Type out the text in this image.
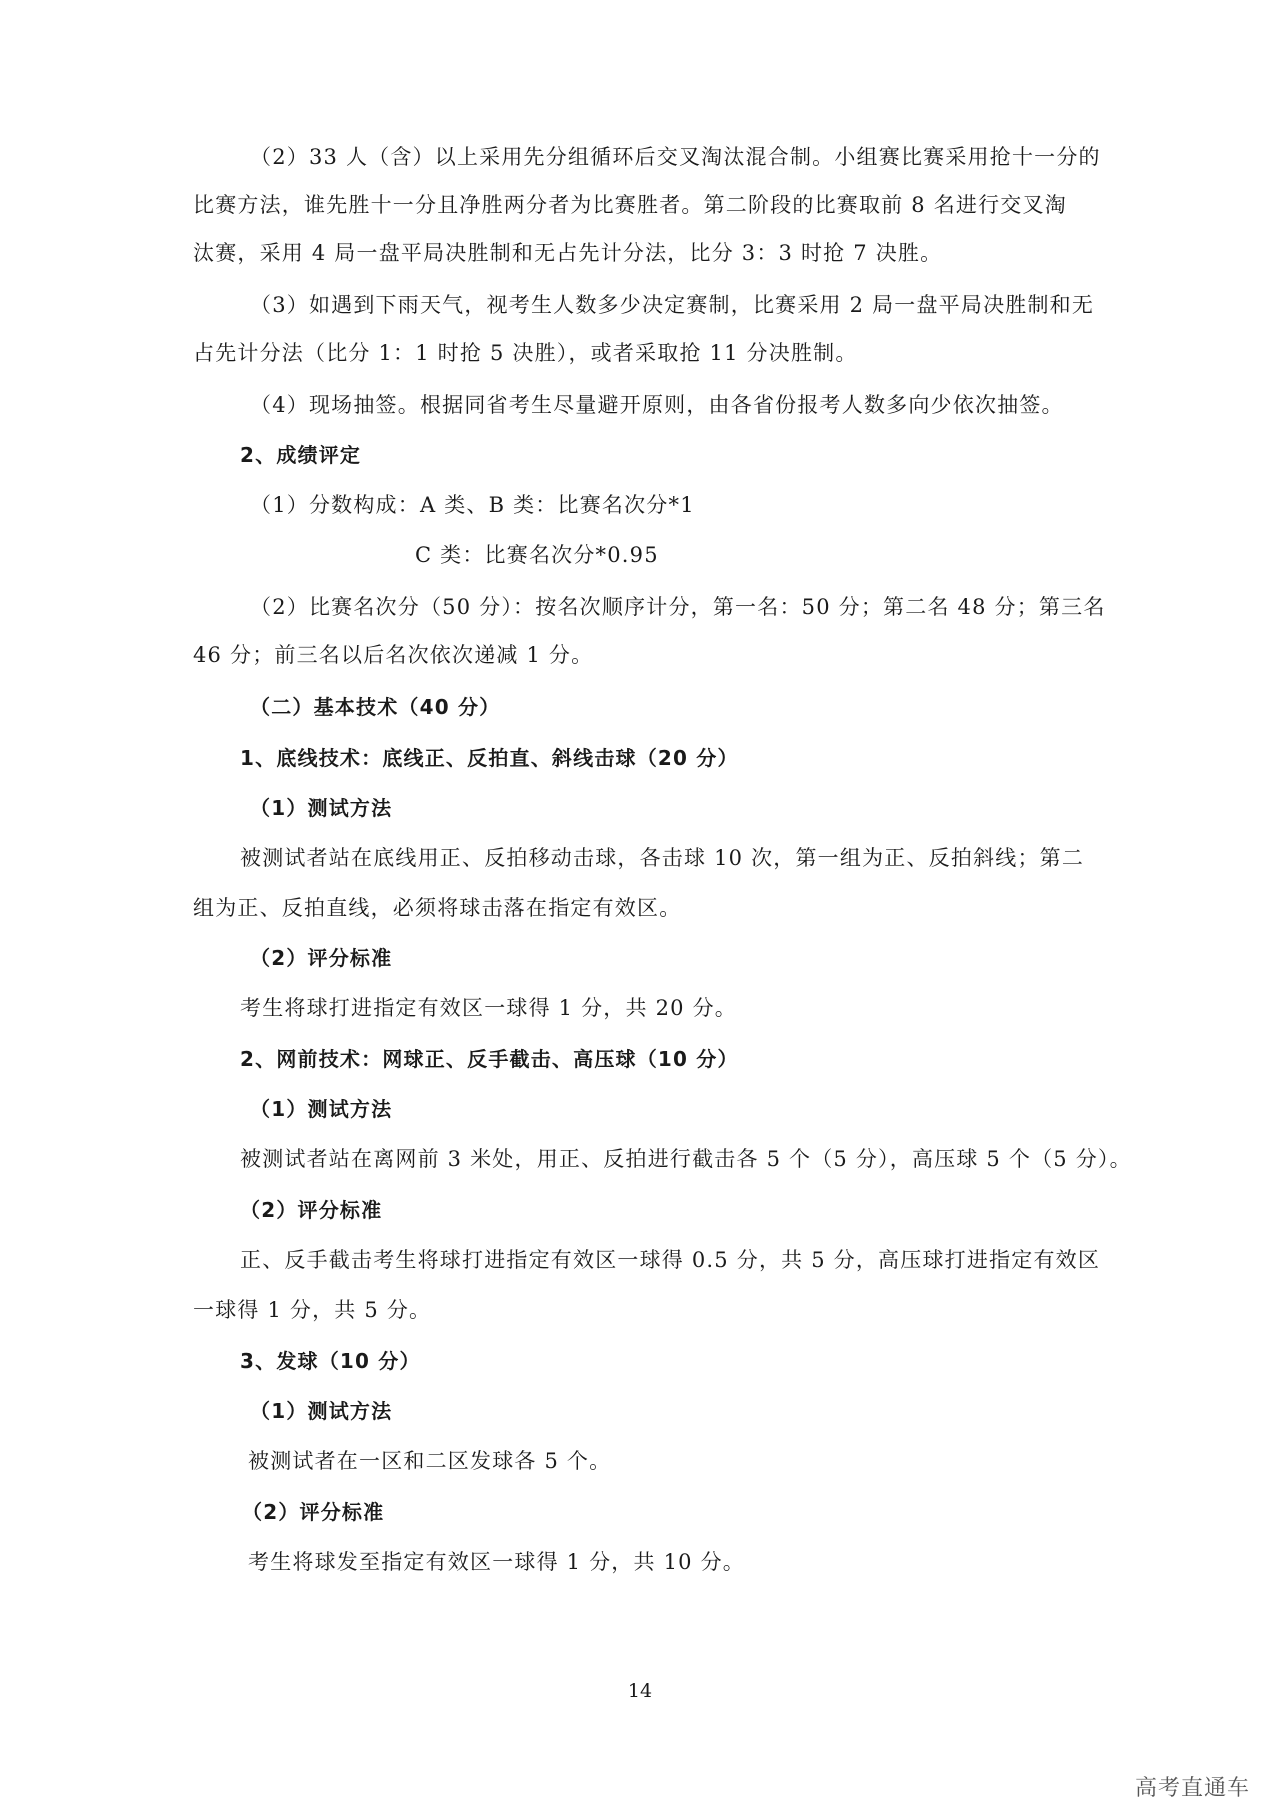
（2）33 人（含）以上采用先分组循环后交叉淘汰混合制。小组赛比赛采用抢十一分的
比赛方法，谁先胜十一分且净胜两分者为比赛胜者。第二阶段的比赛取前 8 名进行交叉淘
汰赛，采用 4 局一盘平局决胜制和无占先计分法，比分 3：3 时抢 7 决胜。
（3）如遇到下雨天气，视考生人数多少决定赛制，比赛采用 2 局一盘平局决胜制和无
占先计分法（比分 1：1 时抢 5 决胜），或者采取抢 11 分决胜制。
（4）现场抽签。根据同省考生尽量避开原则，由各省份报考人数多向少依次抽签。
2、成绩评定
（1）分数构成：A 类、B 类：比赛名次分*1
C 类：比赛名次分*0.95
（2）比赛名次分（50 分）：按名次顺序计分，第一名：50 分；第二名 48 分；第三名
46 分；前三名以后名次依次递减 1 分。
（二）基本技术（40 分）
1、底线技术：底线正、反拍直、斜线击球（20 分）
（1）测试方法
被测试者站在底线用正、反拍移动击球，各击球 10 次，第一组为正、反拍斜线；第二
组为正、反拍直线，必须将球击落在指定有效区。
（2）评分标准
考生将球打进指定有效区一球得 1 分，共 20 分。
2、网前技术：网球正、反手截击、高压球（10 分）
（1）测试方法
被测试者站在离网前 3 米处，用正、反拍进行截击各 5 个（5 分），高压球 5 个（5 分）。
（2）评分标准
正、反手截击考生将球打进指定有效区一球得 0.5 分，共 5 分，高压球打进指定有效区
一球得 1 分，共 5 分。
3、发球（10 分）
（1）测试方法
被测试者在一区和二区发球各 5 个。
（2）评分标准
考生将球发至指定有效区一球得 1 分，共 10 分。
14
高考直通车
